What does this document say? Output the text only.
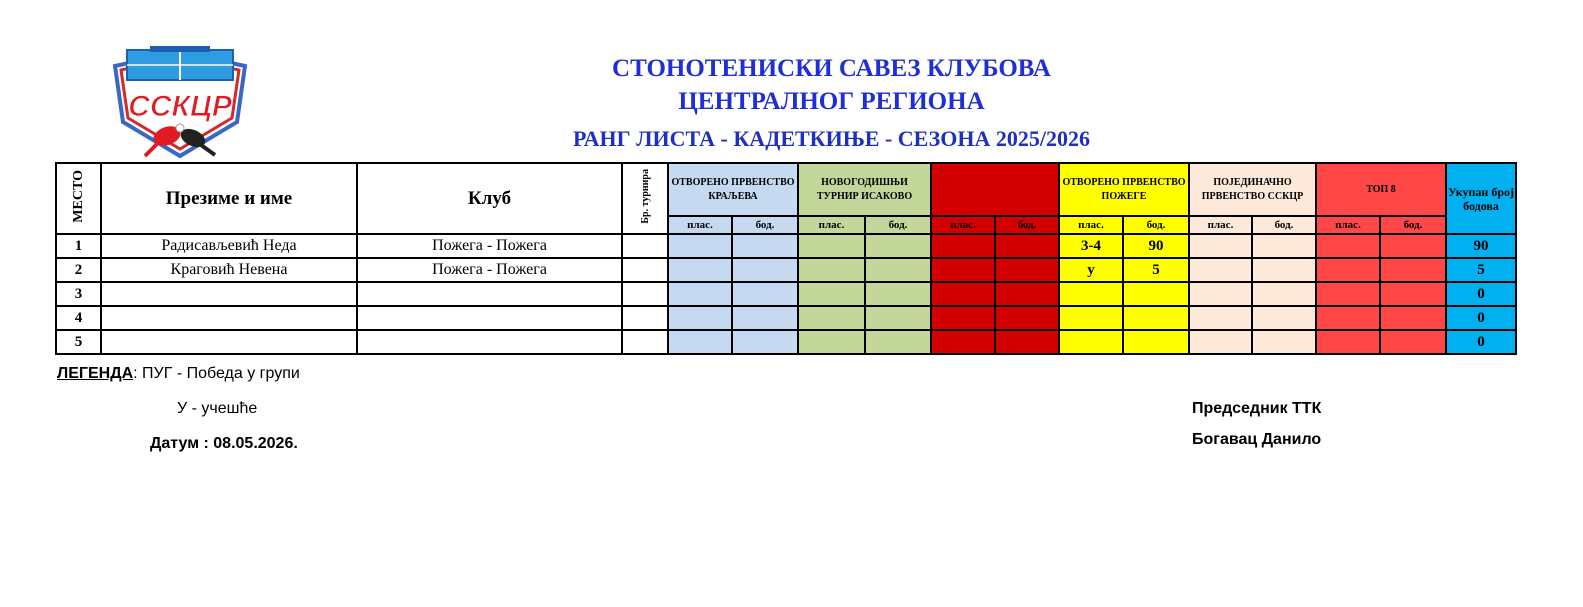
ССКЦР
СТОНОТЕНИСКИ САВЕЗ КЛУБОВА
ЦЕНТРАЛНОГ РЕГИОНА
РАНГ ЛИСТА - КАДЕТКИЊЕ - СЕЗОНА 2025/2026
МЕСТО	Презиме и име	Клуб	Бр. турнира	ОТВОРЕНО ПРВЕНСТВО КРАЉЕВА		НОВОГОДИШЊИ ТУРНИР ИСАКОВО				ОТВОРЕНО ПРВЕНСТВО ПОЖЕГЕ		ПОЈЕДИНАЧНО ПРВЕНСТВО ССКЦР		ТОП 8		Укупан број бодова
				плас.	бод.	плас.	бод.	плас.	бод.	плас.	бод.	плас.	бод.	плас.	бод.	
1	Радисављевић Неда	Пожега - Пожега								3-4	90					90
2	Краговић Невена	Пожега - Пожега								у	5					5
3																0
4																0
5																0
ЛЕГЕНДА: ПУГ - Победа у групи
У - учешће
Датум : 08.05.2026.
Председник ТТК
Богавац Данило
